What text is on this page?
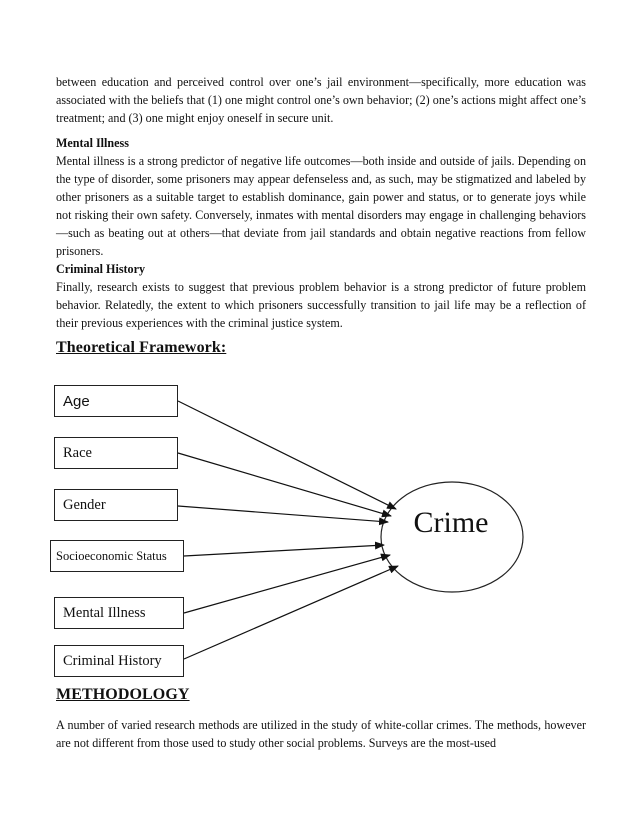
between education and perceived control over one’s jail environment—specifically, more education was associated with the beliefs that (1) one might control one’s own behavior; (2) one’s actions might affect one’s treatment; and (3) one might enjoy oneself in secure unit.

Mental Illness

Mental illness is a strong predictor of negative life outcomes—both inside and outside of jails. Depending on the type of disorder, some prisoners may appear defenseless and, as such, may be stigmatized and labeled by other prisoners as a suitable target to establish dominance, gain power and status, or to generate joys while not risking their own safety. Conversely, inmates with mental disorders may engage in challenging behaviors—such as beating out at others—that deviate from jail standards and obtain negative reactions from fellow prisoners.

Criminal History

Finally, research exists to suggest that previous problem behavior is a strong predictor of future problem behavior. Relatedly, the extent to which prisoners successfully transition to jail life may be a reflection of their previous experiences with the criminal justice system.

Theoretical Framework:

Age
Race
Gender
Socioeconomic Status
Mental Illness
Criminal History
Crime

METHODOLOGY

A number of varied research methods are utilized in the study of white-collar crimes. The methods, however are not different from those used to study other social problems. Surveys are the most-used
